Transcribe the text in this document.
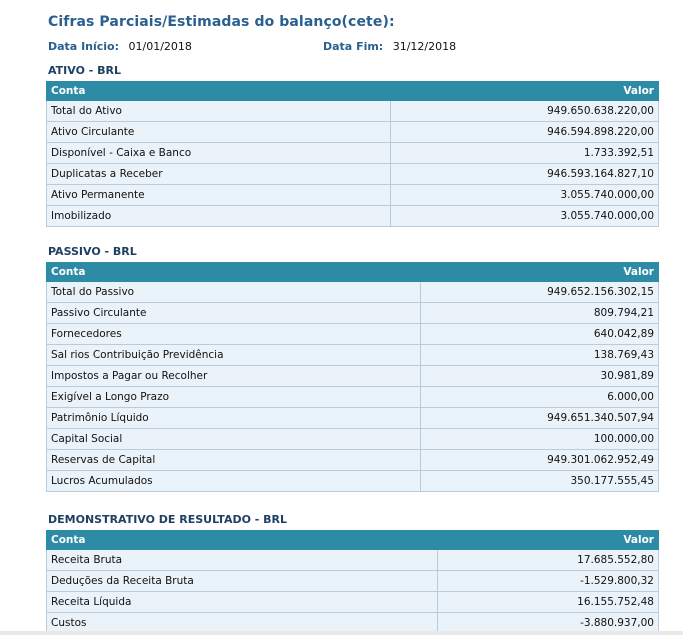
Cifras Parciais/Estimadas do balanço(cete):
Data Início: 01/01/2018	Data Fim: 31/12/2018
ATIVO - BRL
Conta	Valor
Total do Ativo	949.650.638.220,00
Ativo Circulante	946.594.898.220,00
Disponível - Caixa e Banco	1.733.392,51
Duplicatas a Receber	946.593.164.827,10
Ativo Permanente	3.055.740.000,00
Imobilizado	3.055.740.000,00
PASSIVO - BRL
Conta	Valor
Total do Passivo	949.652.156.302,15
Passivo Circulante	809.794,21
Fornecedores	640.042,89
Sal rios Contribuição Previdência	138.769,43
Impostos a Pagar ou Recolher	30.981,89
Exigível a Longo Prazo	6.000,00
Patrimônio Líquido	949.651.340.507,94
Capital Social	100.000,00
Reservas de Capital	949.301.062.952,49
Lucros Acumulados	350.177.555,45
DEMONSTRATIVO DE RESULTADO - BRL
Conta	Valor
Receita Bruta	17.685.552,80
Deduções da Receita Bruta	-1.529.800,32
Receita Líquida	16.155.752,48
Custos	-3.880.937,00
